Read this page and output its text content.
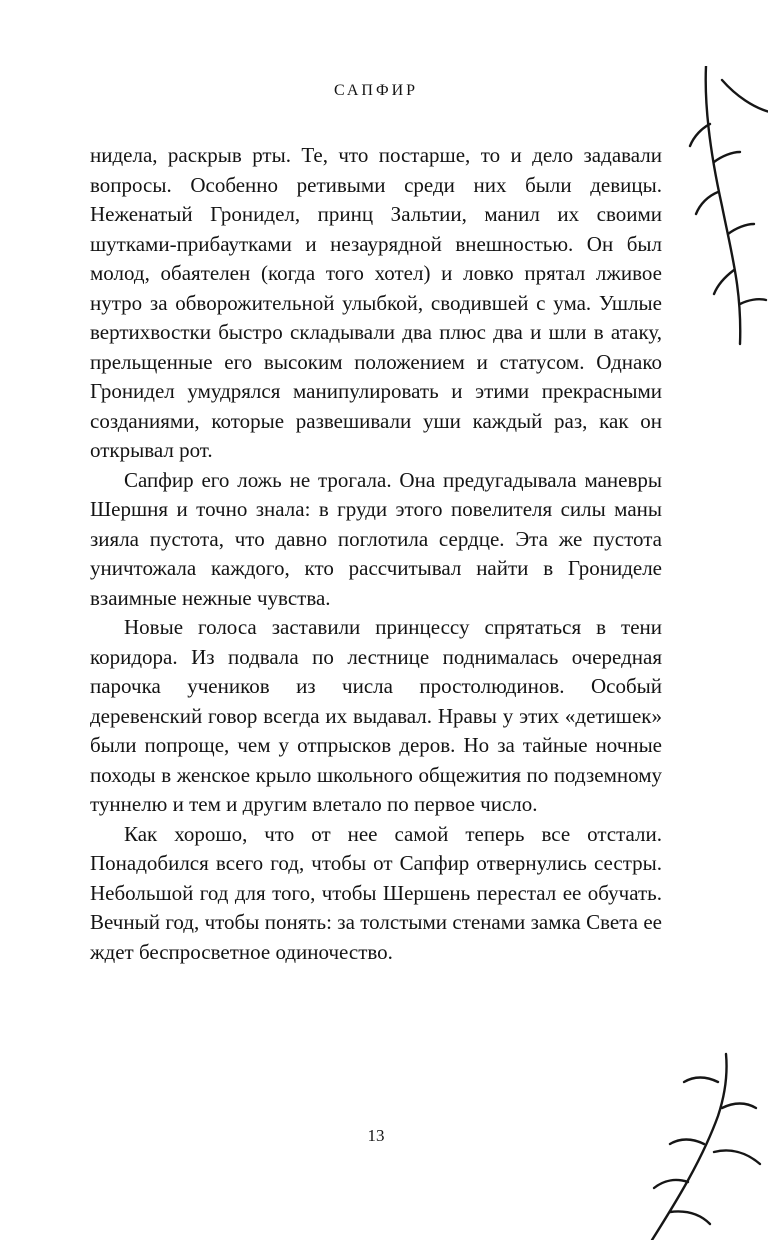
САПФИР

нидела, раскрыв рты. Те, что постарше, то и дело задавали вопросы. Особенно ретивыми среди них были девицы. Неженатый Гронидел, принц Зальтии, манил их своими шутками-прибаутками и незаурядной внешностью. Он был молод, обаятелен (когда того хотел) и ловко прятал лживое нутро за обворожительной улыбкой, сводившей с ума. Ушлые вертихвостки быстро складывали два плюс два и шли в атаку, прельщенные его высоким положением и статусом. Однако Гронидел умудрялся манипулировать и этими прекрасными созданиями, которые развешивали уши каждый раз, как он открывал рот.

Сапфир его ложь не трогала. Она предугадывала маневры Шершня и точно знала: в груди этого повелителя силы маны зияла пустота, что давно поглотила сердце. Эта же пустота уничтожала каждого, кто рассчитывал найти в Грониделе взаимные нежные чувства.

Новые голоса заставили принцессу спрятаться в тени коридора. Из подвала по лестнице поднималась очередная парочка учеников из числа простолюдинов. Особый деревенский говор всегда их выдавал. Нравы у этих «детишек» были попроще, чем у отпрысков деров. Но за тайные ночные походы в женское крыло школьного общежития по подземному туннелю и тем и другим влетало по первое число.

Как хорошо, что от нее самой теперь все отстали. Понадобился всего год, чтобы от Сапфир отвернулись сестры. Небольшой год для того, чтобы Шершень перестал ее обучать. Вечный год, чтобы понять: за толстыми стенами замка Света ее ждет беспросветное одиночество.

13
